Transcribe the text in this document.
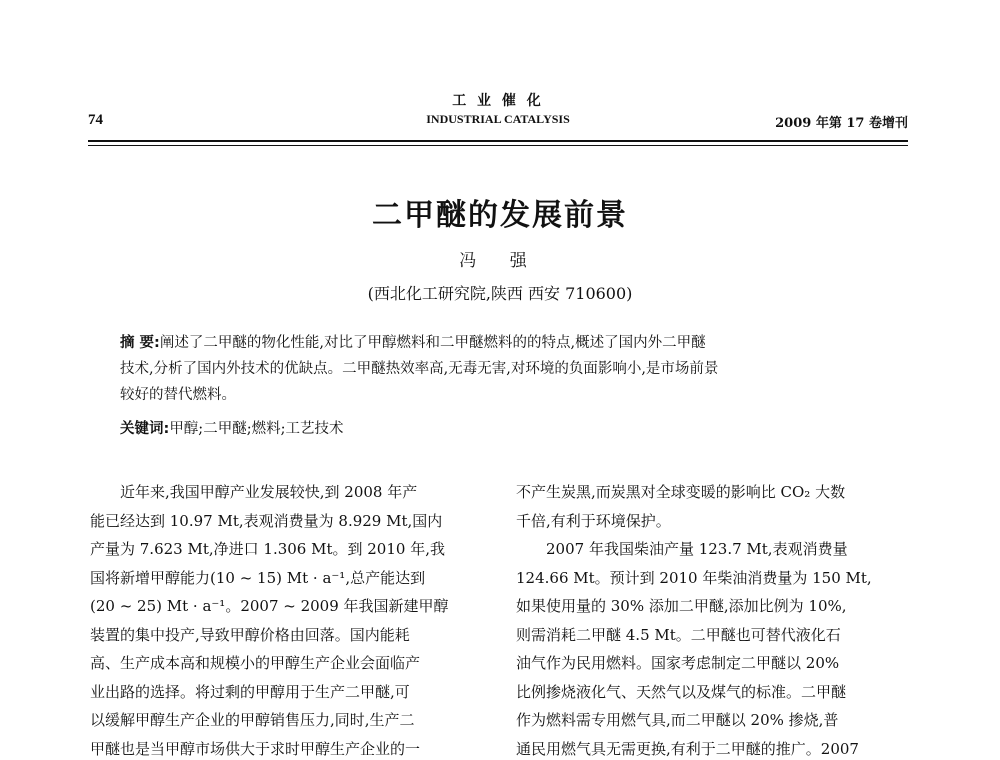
74
工 业 催 化
INDUSTRIAL CATALYSIS	2009 年第 17 卷增刊
二甲醚的发展前景
冯 强
(西北化工研究院,陕西 西安 710600)
摘 要:阐述了二甲醚的物化性能,对比了甲醇燃料和二甲醚燃料的的特点,概述了国内外二甲醚
技术,分析了国内外技术的优缺点。二甲醚热效率高,无毒无害,对环境的负面影响小,是市场前景
较好的替代燃料。
关键词:甲醇;二甲醚;燃料;工艺技术
　　近年来,我国甲醇产业发展较快,到 2008 年产
能已经达到 10.97 Mt,表观消费量为 8.929 Mt,国内
产量为 7.623 Mt,净进口 1.306 Mt。到 2010 年,我
国将新增甲醇能力(10 ~ 15) Mt · a⁻¹,总产能达到
(20 ~ 25) Mt · a⁻¹。2007 ~ 2009 年我国新建甲醇
装置的集中投产,导致甲醇价格由回落。国内能耗
高、生产成本高和规模小的甲醇生产企业会面临产
业出路的选择。将过剩的甲醇用于生产二甲醚,可
以缓解甲醇生产企业的甲醇销售压力,同时,生产二
甲醚也是当甲醇市场供大于求时甲醇生产企业的一
不产生炭黑,而炭黑对全球变暖的影响比 CO₂ 大数
千倍,有利于环境保护。
　　2007 年我国柴油产量 123.7 Mt,表观消费量
124.66 Mt。预计到 2010 年柴油消费量为 150 Mt,
如果使用量的 30% 添加二甲醚,添加比例为 10%,
则需消耗二甲醚 4.5 Mt。二甲醚也可替代液化石
油气作为民用燃料。国家考虑制定二甲醚以 20%
比例掺烧液化气、天然气以及煤气的标准。二甲醚
作为燃料需专用燃气具,而二甲醚以 20% 掺烧,普
通民用燃气具无需更换,有利于二甲醚的推广。2007
